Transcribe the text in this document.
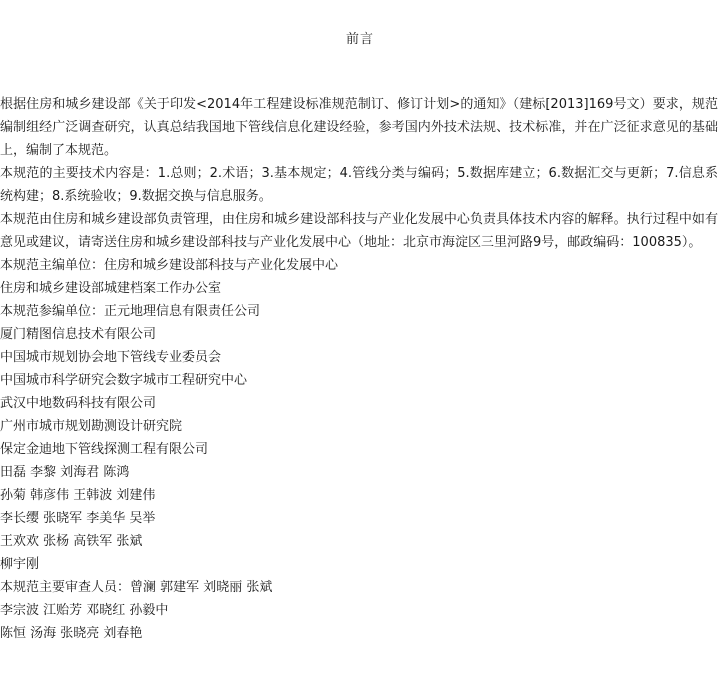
前言

根据住房和城乡建设部《关于印发<2014年工程建设标准规范制订、修订计划>的通知》（建标[2013]169号文）要求，规范编制组经广泛调查研究，认真总结我国地下管线信息化建设经验，参考国内外技术法规、技术标准，并在广泛征求意见的基础上，编制了本规范。

本规范的主要技术内容是：1.总则；2.术语；3.基本规定；4.管线分类与编码；5.数据库建立；6.数据汇交与更新；7.信息系统构建；8.系统验收；9.数据交换与信息服务。

本规范由住房和城乡建设部负责管理，由住房和城乡建设部科技与产业化发展中心负责具体技术内容的解释。执行过程中如有意见或建议，请寄送住房和城乡建设部科技与产业化发展中心（地址：北京市海淀区三里河路9号，邮政编码：100835）。

本规范主编单位：住房和城乡建设部科技与产业化发展中心

住房和城乡建设部城建档案工作办公室

本规范参编单位：正元地理信息有限责任公司

厦门精图信息技术有限公司

中国城市规划协会地下管线专业委员会

中国城市科学研究会数字城市工程研究中心

武汉中地数码科技有限公司

广州市城市规划勘测设计研究院

保定金迪地下管线探测工程有限公司

田磊 李黎 刘海君 陈鸿

孙菊 韩彦伟 王韩波 刘建伟

李长缨 张晓军 李美华 吴举

王欢欢 张杨 高铁军 张斌

柳宇刚

本规范主要审查人员：曾澜 郭建军 刘晓丽 张斌

李宗波 江贻芳 邓晓红 孙毅中

陈恒 汤海 张晓亮 刘春艳
